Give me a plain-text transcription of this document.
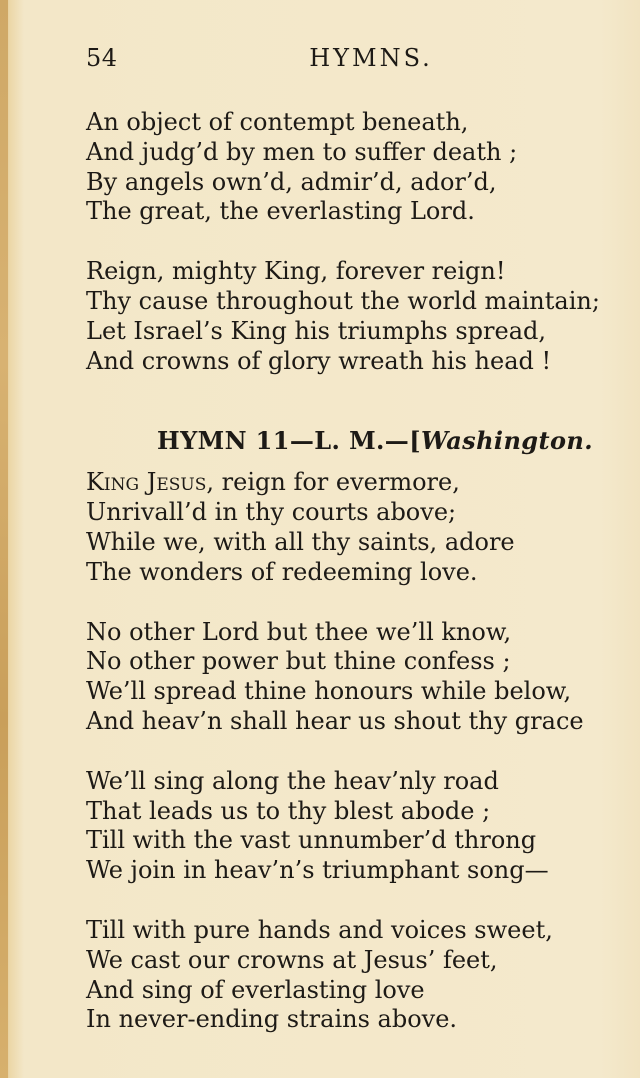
54	HYMNS.
An object of contempt beneath,
And judg’d by men to suffer death ;
By angels own’d, admir’d, ador’d,
The great, the everlasting Lord.
Reign, mighty King, forever reign!
Thy cause throughout the world maintain;
Let Israel’s King his triumphs spread,
And crowns of glory wreath his head !
HYMN 11—L. M.—[Washington.
King Jesus, reign for evermore,
Unrivall’d in thy courts above;
While we, with all thy saints, adore
The wonders of redeeming love.
No other Lord but thee we’ll know,
No other power but thine confess ;
We’ll spread thine honours while below,
And heav’n shall hear us shout thy grace
We’ll sing along the heav’nly road
That leads us to thy blest abode ;
Till with the vast unnumber’d throng
We join in heav’n’s triumphant song—
Till with pure hands and voices sweet,
We cast our crowns at Jesus’ feet,
And sing of everlasting love
In never-ending strains above.
